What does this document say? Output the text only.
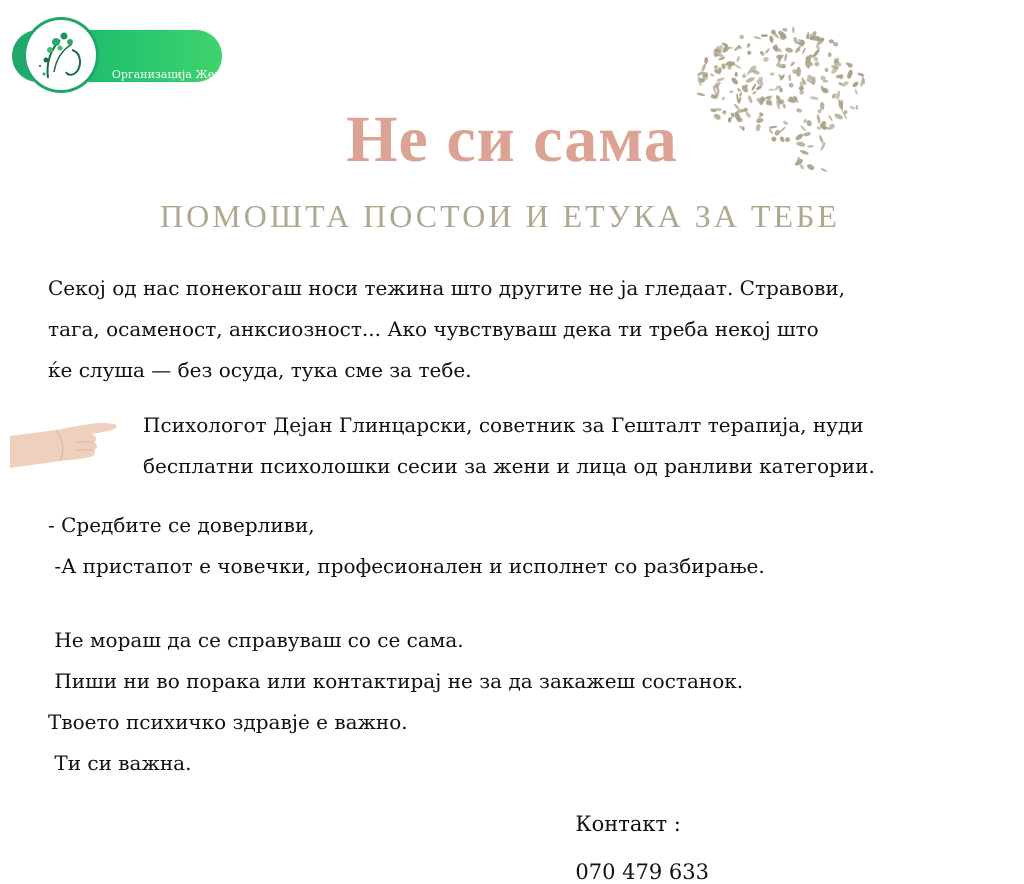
Организација Жена
Делчево
Не си сама
ПОМОШТА ПОСТОИ И ЕТУКА ЗА ТЕБЕ
Секој од нас понекогаш носи тежина што другите не ја гледаат. Стравови,
тага, осаменост, анксиозност... Ако чувствуваш дека ти треба некој што
ќе слуша — без осуда, тука сме за тебе.
Психологот Дејан Глинцарски, советник за Гешталт терапија, нуди
бесплатни психолошки сесии за жени и лица од ранливи категории.
- Средбите се доверливи,
-А пристапот е човечки, професионален и исполнет со разбирање.
Не мораш да се справуваш со се сама.
Пиши ни во порака или контактирај не за да закажеш состанок.
Твоето психичко здравје е важно.
Ти си важна.

Контакт :

070 479 633
